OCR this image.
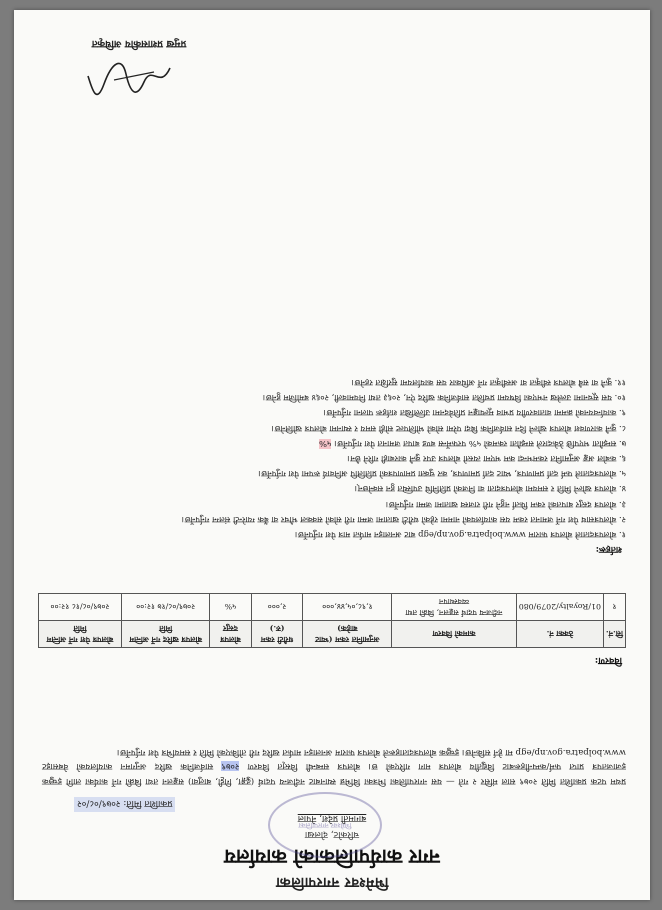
भिमेश्वर नगरपालिका
नगर कार्यपालिकाको कार्यालय
चरिकोट, दोलखा
बागमती प्रदेश, नेपाल
भिमेश्वर नगरपालिका
प्रकाशित मिति: २०७९/०८/०२
प्रथम पटक प्रकाशित मिति २०७९ साल मंसिर २ गते — यस नगरपालिका भित्रका विभिन्न स्थानबाट नदीजन्य पदार्थ (ढुङ्गा, गिट्टी, बालुवा) सङ्कलन तथा बिक्री गर्ने कार्यका लागि इच्छुक इजाजतपत्र प्राप्त फर्म/कम्पनीहरूबाट विद्युतीय बोलपत्र माग गरिएको छ। बोलपत्र सम्बन्धी विस्तृत विवरण २०७९ सार्वजनिक खरिद अनुगमन कार्यालयको वेबसाइट www.bolpatra.gov.np/egp मा हेर्न सकिनेछ। इच्छुक बोलपत्रदाताहरूले बोलपत्र फाराम अनलाइन मार्फत खरिद गरी तोकिएको मिति र समयभित्र पेश गर्नुपर्नेछ।
विवरण:
सि.नं.	ठेक्का नं.	कामको विवरण	अनुमानित रकम (भ्याट बाहेक)	धरौटी रकम (रु.)	बोलपत्र दस्तुर	बोलपत्र खरिद गर्ने अन्तिम मिति	बोलपत्र पेश गर्ने अन्तिम मिति
१	01/Royalty/2079/080	नदीजन्य पदार्थ सङ्कलन, बिक्री तथा व्यवस्थापन	१,९८,०५,४४,०००	२,०००	५%	२०७९/०८/१७ १२:००	२०७९/०८/१८ १२:००
शर्तहरू:

१. बोलपत्रदाताले बोलपत्र फाराम www.bolpatra.gov.np/egp बाट अनलाइन मार्फत मात्र पेश गर्नुपर्नेछ।

२. बोलपत्रसाथ पेश गर्ने जमानत रकम यस कार्यालयको नाममा रहेको धरौटी खातामा जम्मा गरी सोको सक्कल भौचर वा बैंक ग्यारेन्टी संलग्न गर्नुपर्नेछ।

३. बोलपत्र दस्तुर बापतको रकम फिर्ता नहुने गरी राजस्व खातामा जम्मा गर्नुपर्नेछ।

४. बोलपत्र खोल्ने मिति र समयमा बोलपत्रदाता वा निजको प्रतिनिधि उपस्थित हुन सक्नेछन्।

५. बोलपत्रदाताले फर्म दर्ता प्रमाणपत्र, भ्याट दर्ता प्रमाणपत्र, कर चुक्ता प्रमाणपत्रको प्रतिलिपि अनिवार्य रूपमा पेश गर्नुपर्नेछ।

६. कबोल अङ्क अनुमानित रकमभन्दा कम भएमा त्यस्तो बोलपत्र उपर कुनै कारबाही गरिने छैन।

७. सम्झौता भएपछि ठेकेदारले सम्झौता रकमको ५% परफर्मेन्स बण्ड बापत जमानत पेश गर्नुपर्नेछ। ५%

८. कुनै कारणवश बोलपत्र खोल्ने दिन सार्वजनिक बिदा परेमा सोको भोलिपल्ट सोही समय र स्थानमा बोलपत्र खोलिनेछ।

९. कार्यान्वयनको क्रममा वातावरणीय प्रभाव मूल्याङ्कन प्रतिवेदनमा उल्लिखित शर्तहरू पालना गर्नुपर्नेछ।

१०. यस सूचनामा उल्लेख नभएका विषयमा प्रचलित सार्वजनिक खरिद ऐन, २०६३ तथा नियमावली, २०६४ बमोजिम हुनेछ।

११. कुनै वा सबै बोलपत्र स्वीकृत वा अस्वीकृत गर्ने अधिकार यस कार्यालयमा सुरक्षित रहनेछ।

प्रमुख प्रशासकीय अधिकृत
